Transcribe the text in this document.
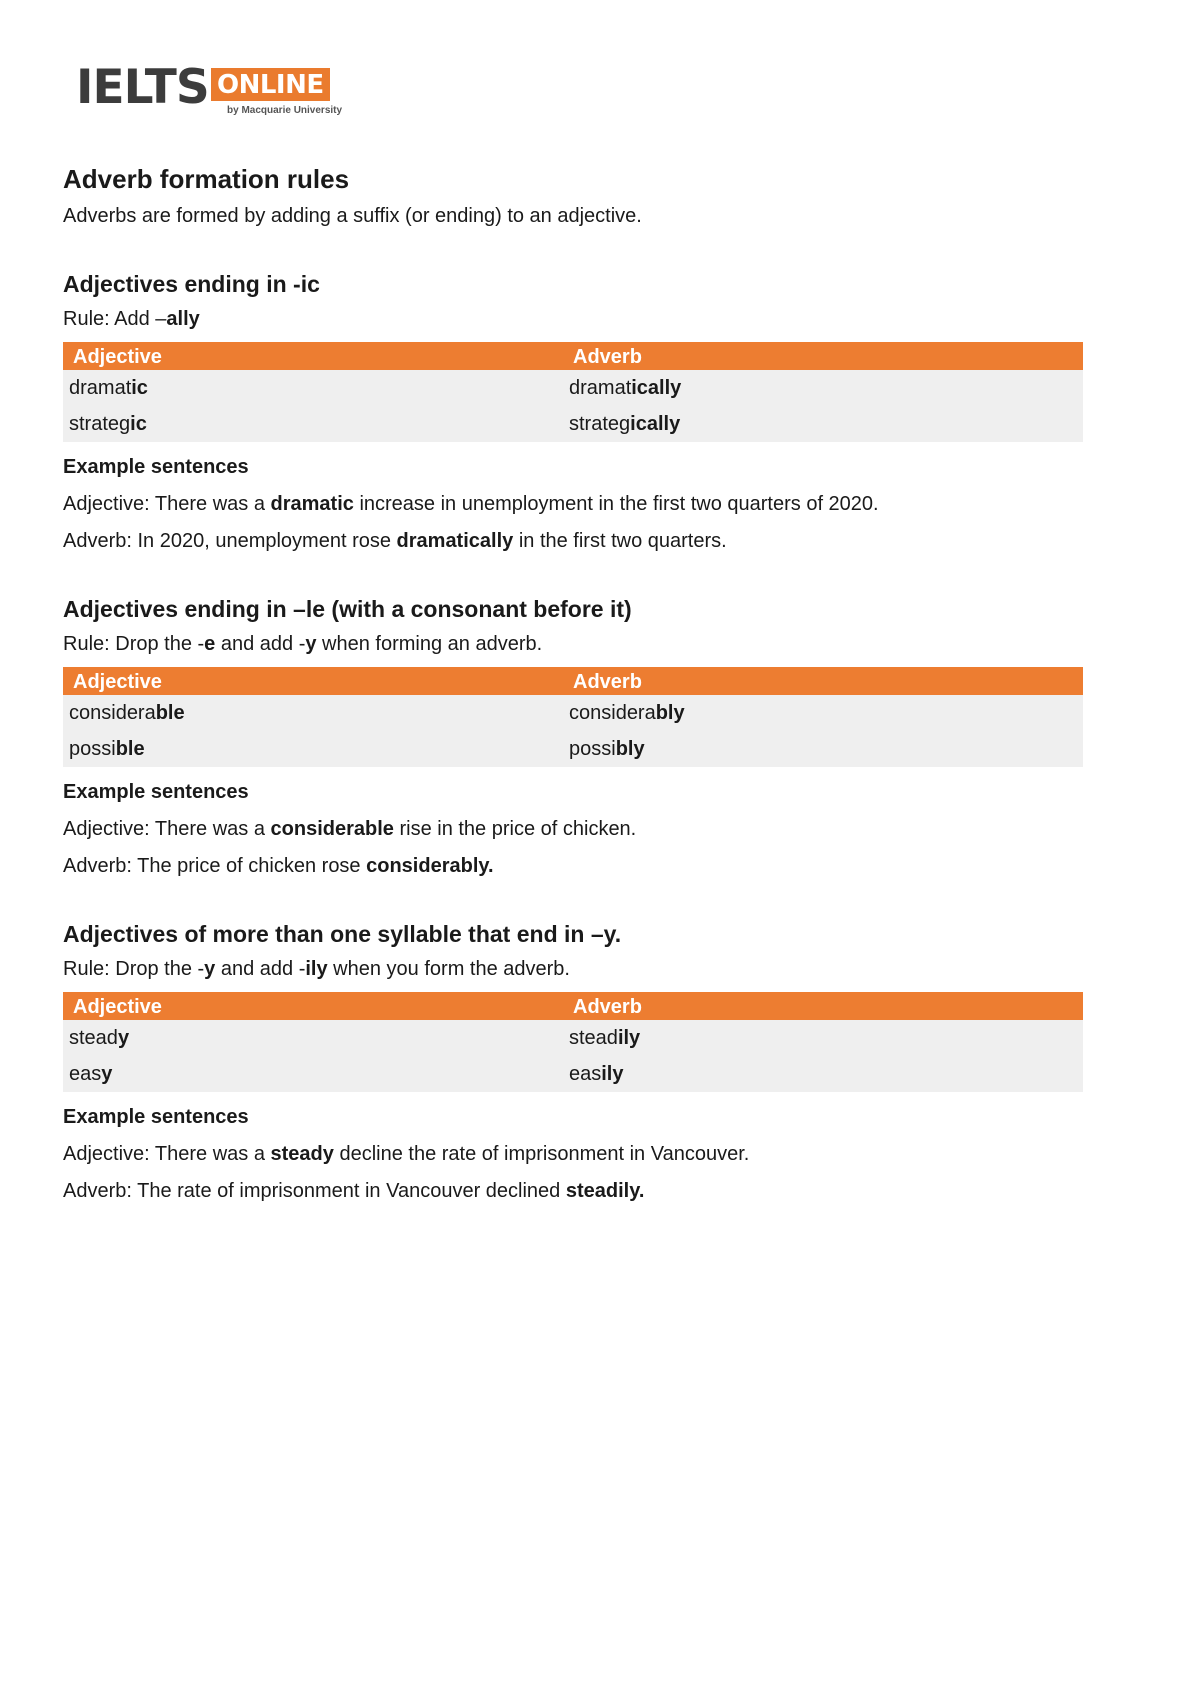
IELTS ONLINE
by Macquarie University
Adverb formation rules

Adverbs are formed by adding a suffix (or ending) to an adjective.

Adjectives ending in -ic

Rule: Add –ally

Adjective	Adverb
dramatic	dramatically
strategic	strategically

Example sentences

Adjective: There was a dramatic increase in unemployment in the first two quarters of 2020.

Adverb: In 2020, unemployment rose dramatically in the first two quarters.

Adjectives ending in –le (with a consonant before it)

Rule: Drop the -e and add -y when forming an adverb.

Adjective	Adverb
considerable	considerably
possible	possibly

Example sentences

Adjective: There was a considerable rise in the price of chicken.

Adverb: The price of chicken rose considerably.

Adjectives of more than one syllable that end in –y.

Rule: Drop the -y and add -ily when you form the adverb.

Adjective	Adverb
steady	steadily
easy	easily

Example sentences

Adjective: There was a steady decline the rate of imprisonment in Vancouver.

Adverb: The rate of imprisonment in Vancouver declined steadily.
